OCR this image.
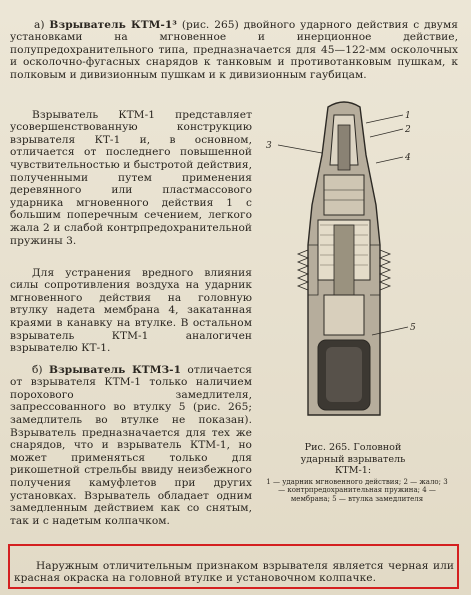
а) Взрыватель КТМ-1³ (рис. 265) двойного ударного действия с двумя установками на мгновенное и инерционное действие, полупредохранительного типа, предназначается для 45—122-мм осколочных и осколочно-фугасных снарядов к танковым и противотанковым пушкам, к полковым и дивизионным пушкам и к дивизионным гаубицам.

Взрыватель КТМ-1 представляет усовершенствованную конструкцию взрывателя КТ-1 и, в основном, отличается от последнего повышенной чувствительностью и быстротой действия, полученными путем применения деревянного или пластмассового ударника мгновенного действия 1 с большим поперечным сечением, легкого жала 2 и слабой контрпредохранительной пружины 3.

Для устранения вредного влияния силы сопротивления воздуха на ударник мгновенного действия на головную втулку надета мембрана 4, закатанная краями в канавку на втулке. В остальном взрыватель КТМ-1 аналогичен взрывателю КТ-1.

б) Взрыватель КТМЗ-1 отличается от взрывателя КТМ-1 только наличием порохового замедлителя, запрессованного во втулку 5 (рис. 265; замедлитель во втулке не показан). Взрыватель предназначается для тех же снарядов, что и взрыватель КТМ-1, но может применяться только для рикошетной стрельбы ввиду неизбежного получения камуфлетов при других установках. Взрыватель обладает одним замедленным действием как со снятым, так и с надетым колпачком.

1
2
4
3
5
Рис. 265. Головной
ударный взрыватель
КТМ-1:
1 — ударник мгновенного действия; 2 — жало; 3 — контрпредохранительная пружина; 4 — мембрана; 5 — втулка замедлителя

Наружным отличительным признаком взрывателя является черная или красная окраска на головной втулке и установочном колпачке.
